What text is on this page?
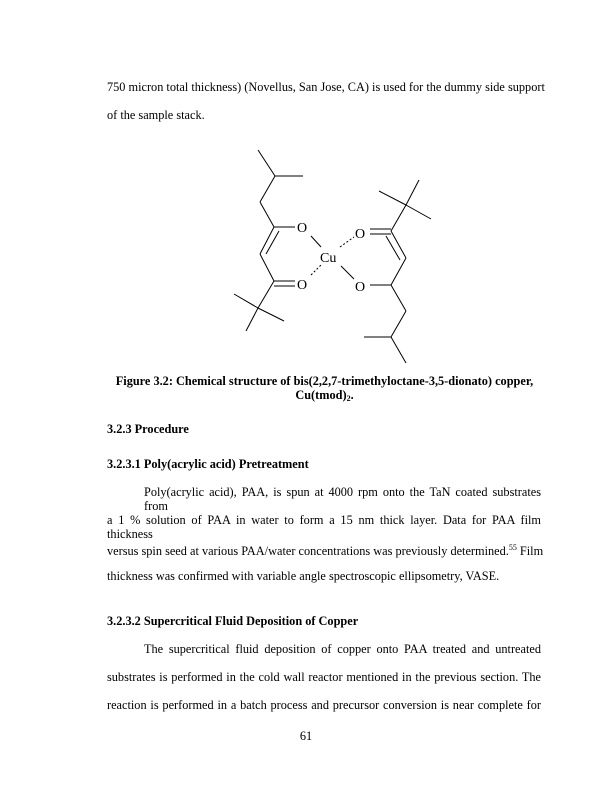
750 micron total thickness) (Novellus, San Jose, CA) is used for the dummy side support
of the sample stack.
O
O
Cu
O
O
Figure 3.2: Chemical structure of bis(2,2,7-trimethyloctane-3,5-dionato) copper,
$Cu(tmod)_2$.
3.2.3 Procedure
3.2.3.1 Poly(acrylic acid) Pretreatment
Poly(acrylic acid), PAA, is spun at 4000 rpm onto the TaN coated substrates from
a 1 % solution of PAA in water to form a 15 nm thick layer. Data for PAA film thickness
versus spin seed at various PAA/water concentrations was previously determined.$^{55}$ Film
thickness was confirmed with variable angle spectroscopic ellipsometry, VASE.
3.2.3.2 Supercritical Fluid Deposition of Copper
The supercritical fluid deposition of copper onto PAA treated and untreated
substrates is performed in the cold wall reactor mentioned in the previous section. The
reaction is performed in a batch process and precursor conversion is near complete for
61
